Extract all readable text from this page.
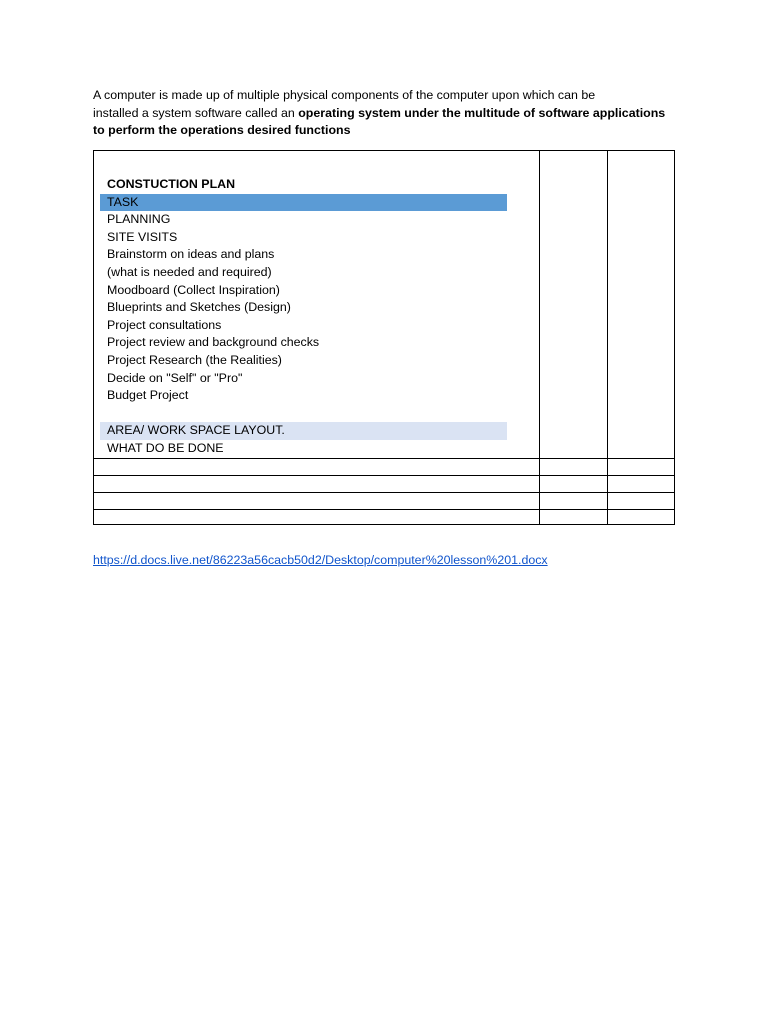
A computer is made up of multiple physical components of the computer upon which can be
installed a system software called an operating system under the multitude of software applications
to perform the operations desired functions
CONSTUCTION PLAN
TASK
PLANNING
SITE VISITS
Brainstorm on ideas and plans
(what is needed and required)
Moodboard (Collect Inspiration)
Blueprints and Sketches (Design)
Project consultations
Project review and background checks
Project Research (the Realities)
Decide on "Self" or "Pro"
Budget Project
AREA/ WORK SPACE LAYOUT.
WHAT DO BE DONE
https://d.docs.live.net/86223a56cacb50d2/Desktop/computer%20lesson%201.docx
